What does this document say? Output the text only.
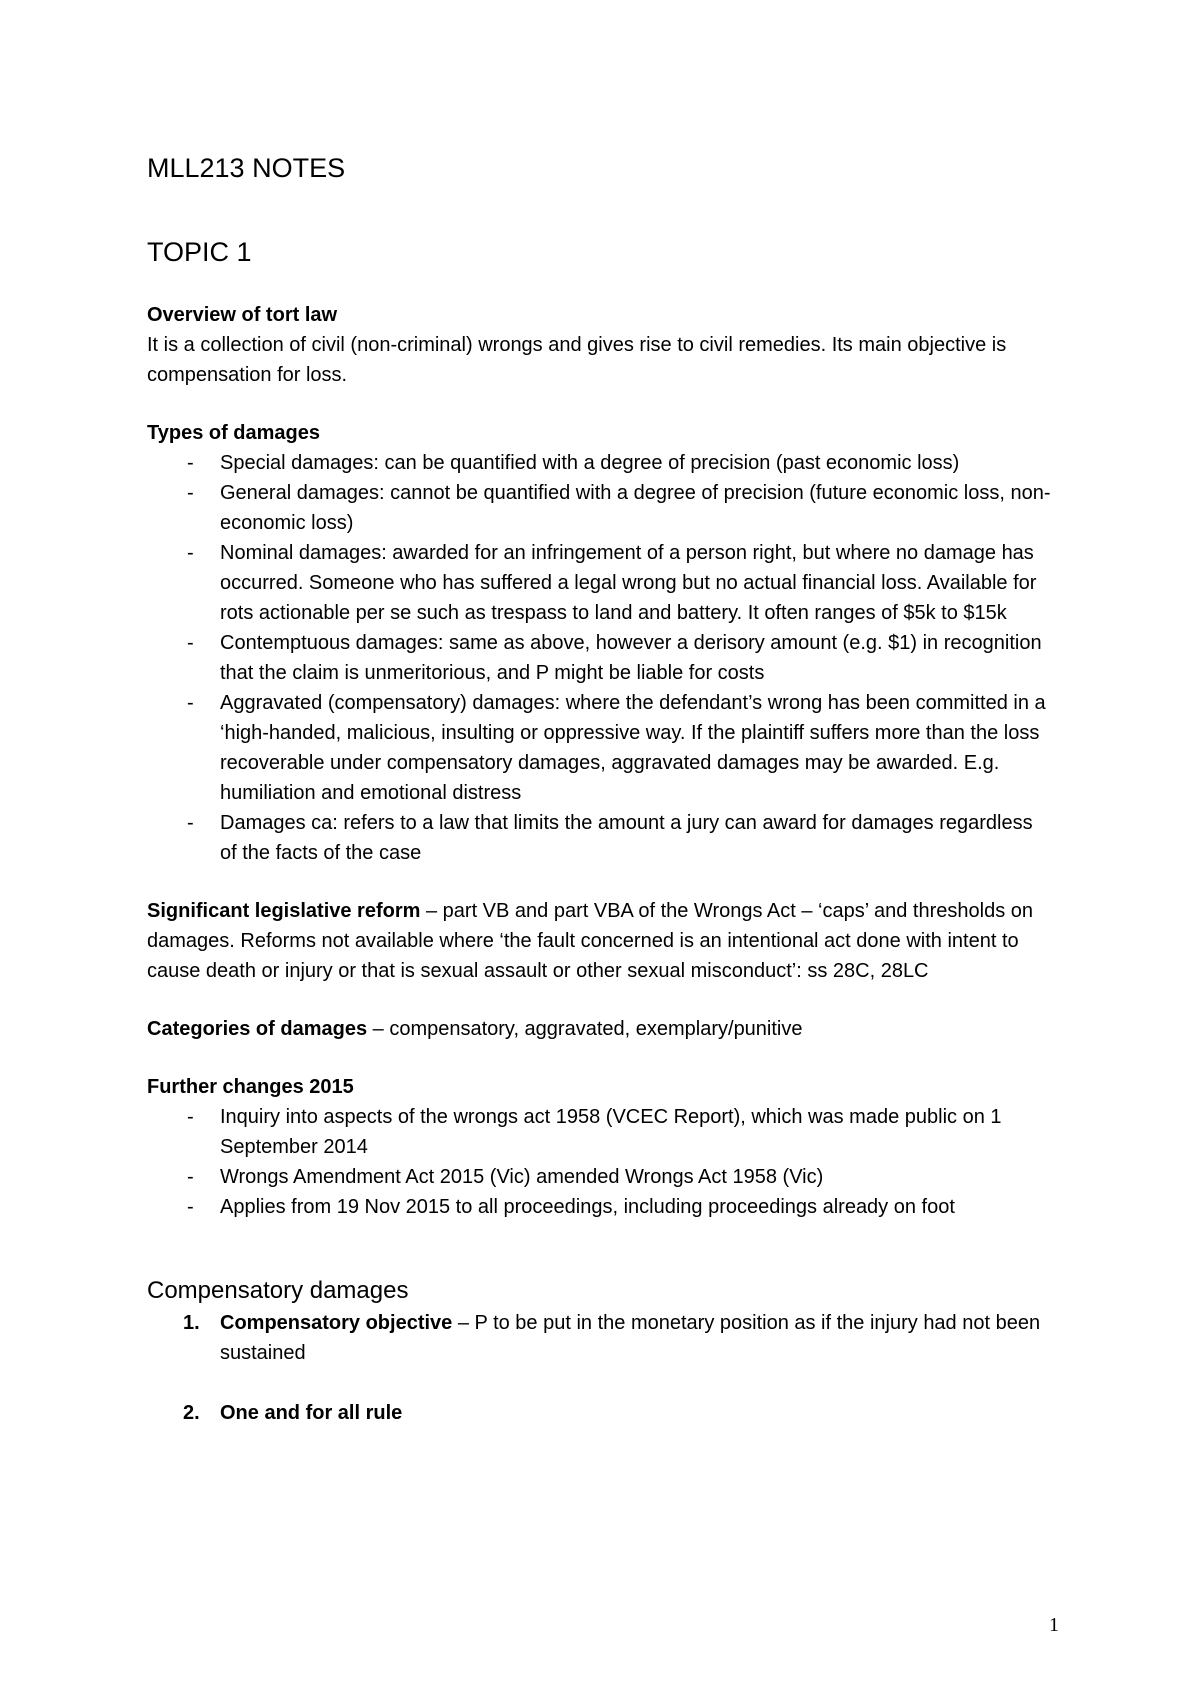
MLL213 NOTES
TOPIC 1
Overview of tort law

It is a collection of civil (non-criminal) wrongs and gives rise to civil remedies. Its main objective is compensation for loss.

Types of damages
- Special damages: can be quantified with a degree of precision (past economic loss)
- General damages: cannot be quantified with a degree of precision (future economic loss, non-economic loss)
- Nominal damages: awarded for an infringement of a person right, but where no damage has occurred. Someone who has suffered a legal wrong but no actual financial loss. Available for rots actionable per se such as trespass to land and battery. It often ranges of $5k to $15k
- Contemptuous damages: same as above, however a derisory amount (e.g. $1) in recognition that the claim is unmeritorious, and P might be liable for costs
- Aggravated (compensatory) damages: where the defendant’s wrong has been committed in a ‘high-handed, malicious, insulting or oppressive way. If the plaintiff suffers more than the loss recoverable under compensatory damages, aggravated damages may be awarded. E.g. humiliation and emotional distress
- Damages ca: refers to a law that limits the amount a jury can award for damages regardless of the facts of the case

Significant legislative reform – part VB and part VBA of the Wrongs Act – ‘caps’ and thresholds on damages. Reforms not available where ‘the fault concerned is an intentional act done with intent to cause death or injury or that is sexual assault or other sexual misconduct’: ss 28C, 28LC

Categories of damages – compensatory, aggravated, exemplary/punitive

Further changes 2015
- Inquiry into aspects of the wrongs act 1958 (VCEC Report), which was made public on 1 September 2014
- Wrongs Amendment Act 2015 (Vic) amended Wrongs Act 1958 (Vic)
- Applies from 19 Nov 2015 to all proceedings, including proceedings already on foot
Compensatory damages
1. Compensatory objective – P to be put in the monetary position as if the injury had not been sustained
2. One and for all rule
1
